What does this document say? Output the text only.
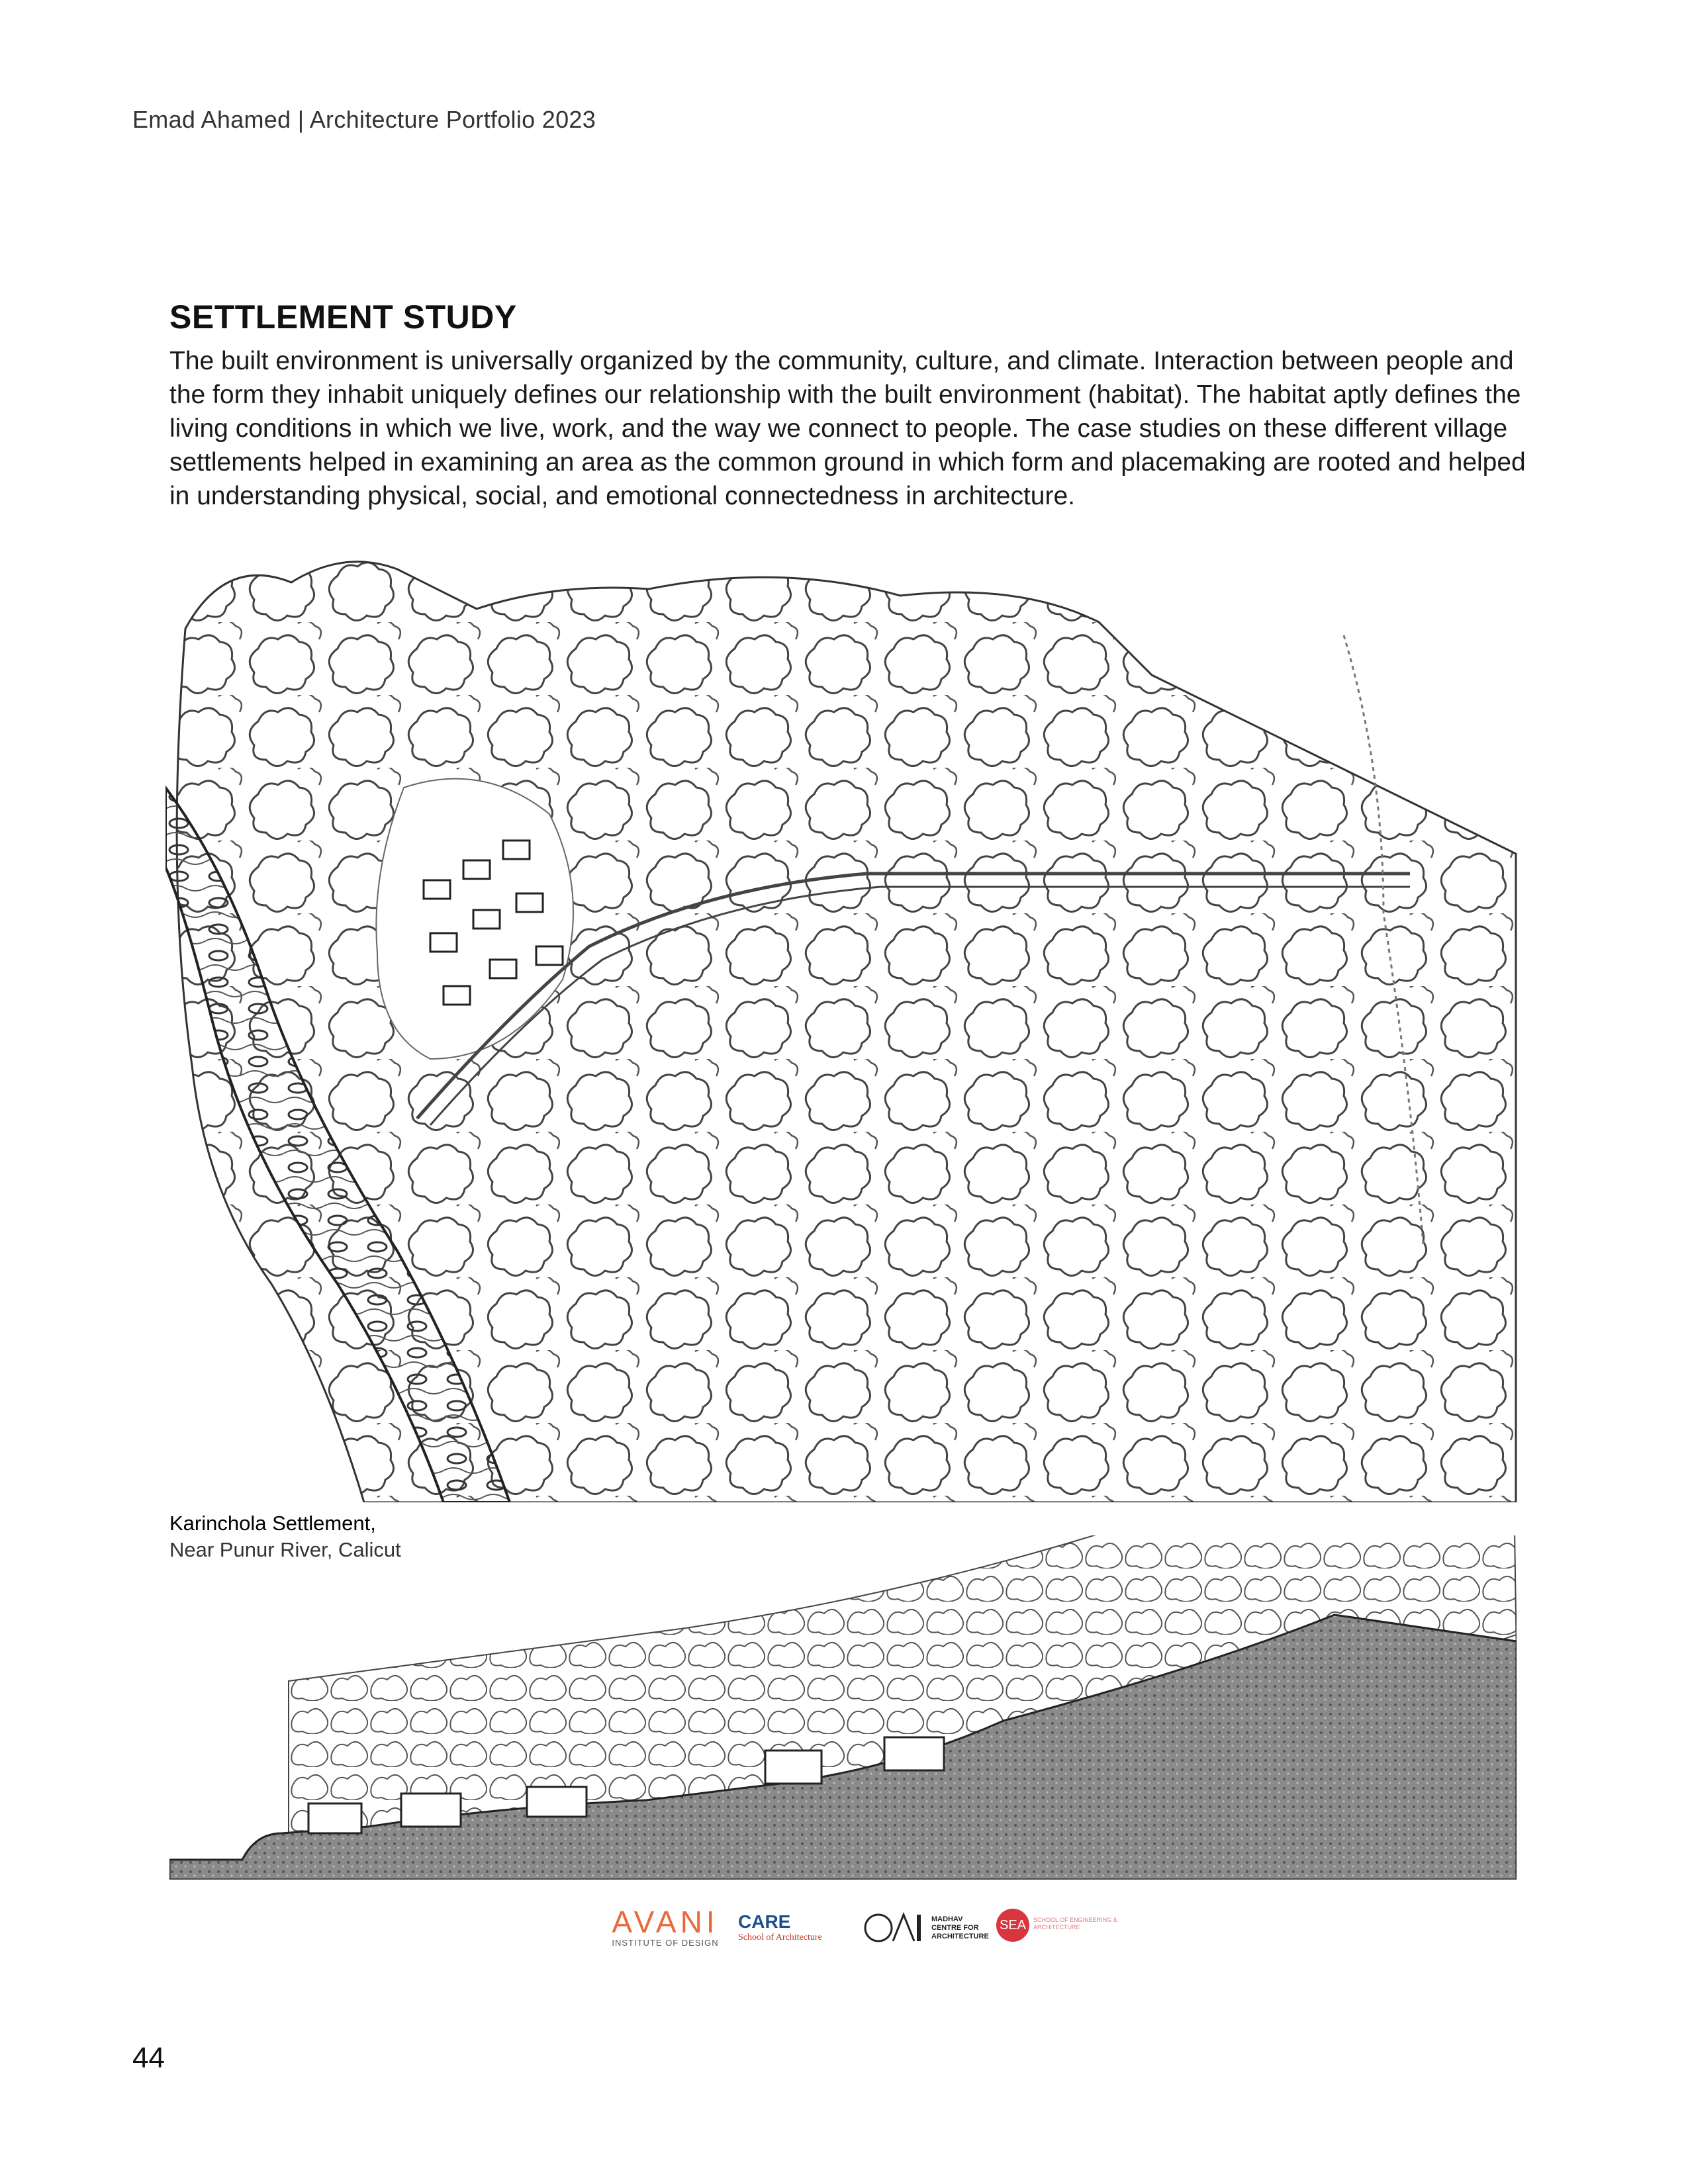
Emad Ahamed | Architecture Portfolio 2023
SETTLEMENT STUDY

The built environment is universally organized by the community, culture, and climate. Interaction between people and the form they inhabit uniquely defines our relationship with the built environment (habitat). The habitat aptly defines the living conditions in which we live, work, and the way we connect to people. The case studies on these different village settlements helped in examining an area as the common ground in which form and placemaking are rooted and helped in understanding physical, social, and emotional connectedness in architecture.

Karinchola Settlement,
Near Punur River, Calicut
AVANI
INSTITUTE OF DESIGN
CARE
School of Architecture
MADHAV CENTRE FOR ARCHITECTURE
SEA	SCHOOL OF ENGINEERING & ARCHITECTURE
44
